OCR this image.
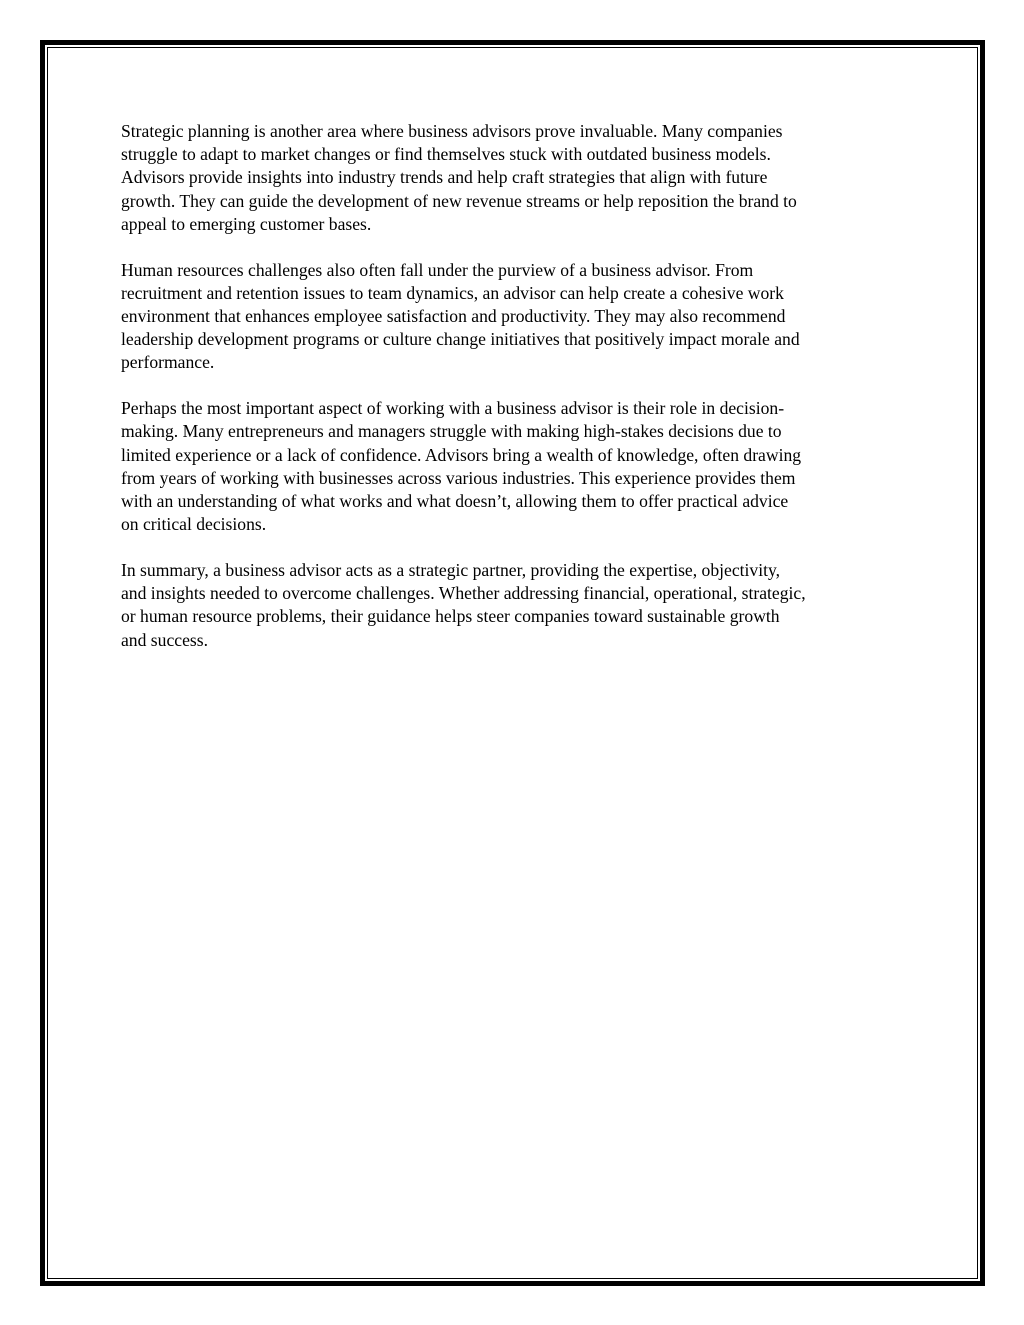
Strategic planning is another area where business advisors prove invaluable. Many companies
struggle to adapt to market changes or find themselves stuck with outdated business models.
Advisors provide insights into industry trends and help craft strategies that align with future
growth. They can guide the development of new revenue streams or help reposition the brand to
appeal to emerging customer bases.

Human resources challenges also often fall under the purview of a business advisor. From
recruitment and retention issues to team dynamics, an advisor can help create a cohesive work
environment that enhances employee satisfaction and productivity. They may also recommend
leadership development programs or culture change initiatives that positively impact morale and
performance.

Perhaps the most important aspect of working with a business advisor is their role in decision-
making. Many entrepreneurs and managers struggle with making high-stakes decisions due to
limited experience or a lack of confidence. Advisors bring a wealth of knowledge, often drawing
from years of working with businesses across various industries. This experience provides them
with an understanding of what works and what doesn’t, allowing them to offer practical advice
on critical decisions.

In summary, a business advisor acts as a strategic partner, providing the expertise, objectivity,
and insights needed to overcome challenges. Whether addressing financial, operational, strategic,
or human resource problems, their guidance helps steer companies toward sustainable growth
and success.
